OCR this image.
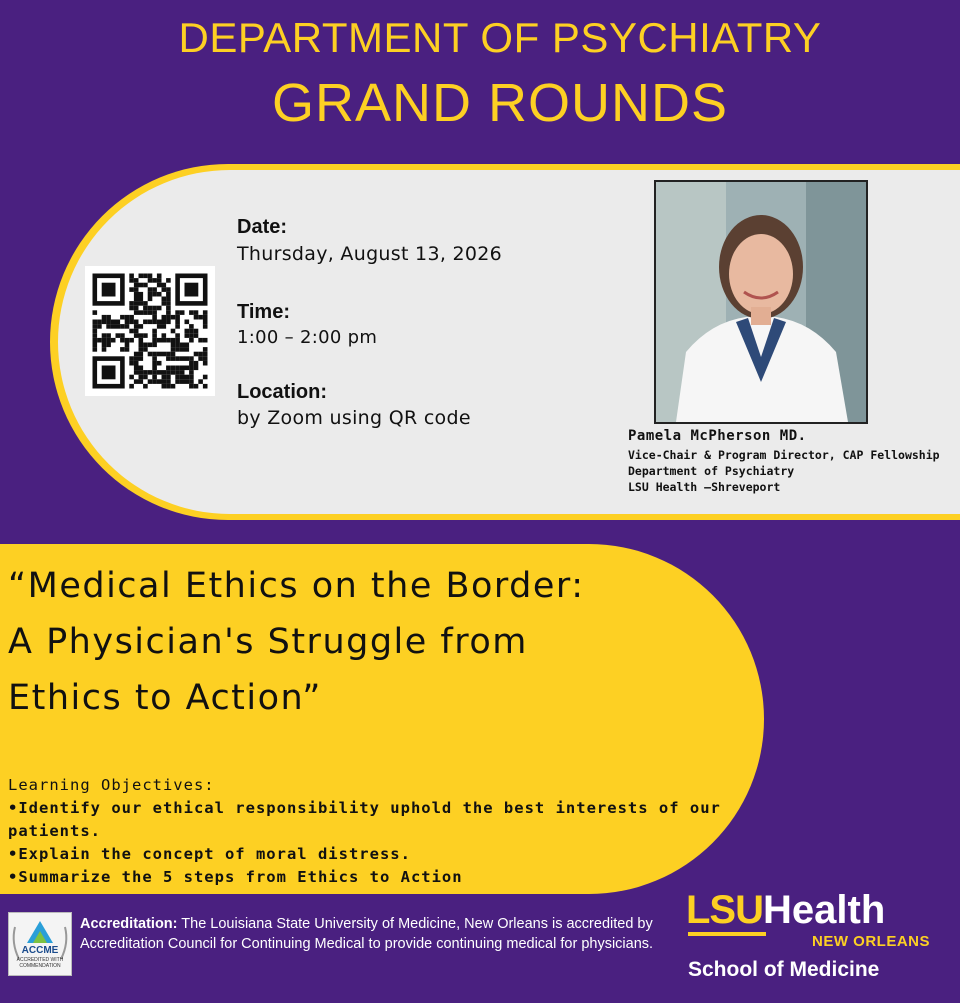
DEPARTMENT OF PSYCHIATRY
GRAND ROUNDS
Date:
Thursday, August 13, 2026
Time:
1:00 – 2:00 pm
Location:
by Zoom using QR code
Pamela McPherson MD.
Vice-Chair & Program Director, CAP Fellowship
Department of Psychiatry
LSU Health –Shreveport
“Medical Ethics on the Border:
A Physician's Struggle from
Ethics to Action”
Learning Objectives:
•Identify our ethical responsibility uphold the best interests of our patients.
•Explain the concept of moral distress.
•Summarize the 5 steps from Ethics to Action
ACCME
ACCREDITED WITH COMMENDATION
Accreditation: The Louisiana State University of Medicine, New Orleans is accredited by Accreditation Council for Continuing Medical to provide continuing medical for physicians.
LSUHealth
NEW ORLEANS
School of Medicine
